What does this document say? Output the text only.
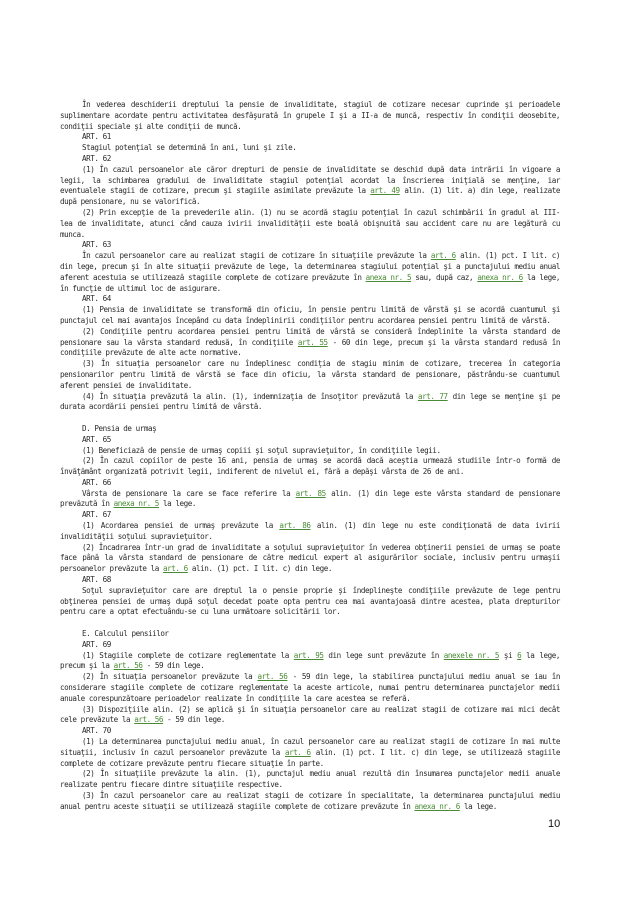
În vederea deschiderii dreptului la pensie de invaliditate, stagiul de cotizare necesar cuprinde şi perioadele suplimentare acordate pentru activitatea desfăşurată în grupele I şi a II-a de muncă, respectiv în condiţii deosebite, condiţii speciale şi alte condiţii de muncă.

ART. 61

Stagiul potenţial se determină în ani, luni şi zile.

ART. 62

(1) În cazul persoanelor ale căror drepturi de pensie de invaliditate se deschid după data intrării în vigoare a legii, la schimbarea gradului de invaliditate stagiul potenţial acordat la înscrierea iniţială se menţine, iar eventualele stagii de cotizare, precum şi stagiile asimilate prevăzute la art. 49 alin. (1) lit. a) din lege, realizate după pensionare, nu se valorifică.

(2) Prin excepţie de la prevederile alin. (1) nu se acordă stagiu potenţial în cazul schimbării în gradul al III-lea de invaliditate, atunci când cauza ivirii invalidităţii este boală obişnuită sau accident care nu are legătură cu munca.

ART. 63

În cazul persoanelor care au realizat stagii de cotizare în situaţiile prevăzute la art. 6 alin. (1) pct. I lit. c) din lege, precum şi în alte situaţii prevăzute de lege, la determinarea stagiului potenţial şi a punctajului mediu anual aferent acestuia se utilizează stagiile complete de cotizare prevăzute în anexa nr. 5 sau, după caz, anexa nr. 6 la lege, în funcţie de ultimul loc de asigurare.

ART. 64

(1) Pensia de invaliditate se transformă din oficiu, în pensie pentru limită de vârstă şi se acordă cuantumul şi punctajul cel mai avantajos începând cu data îndeplinirii condiţiilor pentru acordarea pensiei pentru limită de vârstă.

(2) Condiţiile pentru acordarea pensiei pentru limită de vârstă se consideră îndeplinite la vârsta standard de pensionare sau la vârsta standard redusă, în condiţiile art. 55 - 60 din lege, precum şi la vârsta standard redusă în condiţiile prevăzute de alte acte normative.

(3) În situaţia persoanelor care nu îndeplinesc condiţia de stagiu minim de cotizare, trecerea în categoria pensionarilor pentru limită de vârstă se face din oficiu, la vârsta standard de pensionare, păstrându-se cuantumul aferent pensiei de invaliditate.

(4) În situaţia prevăzută la alin. (1), indemnizaţia de însoţitor prevăzută la art. 77 din lege se menţine şi pe durata acordării pensiei pentru limită de vârstă.

D. Pensia de urmaş

ART. 65

(1) Beneficiază de pensie de urmaş copiii şi soţul supravieţuitor, în condiţiile legii.

(2) În cazul copiilor de peste 16 ani, pensia de urmaş se acordă dacă aceştia urmează studiile într-o formă de învăţământ organizată potrivit legii, indiferent de nivelul ei, fără a depăşi vârsta de 26 de ani.

ART. 66

Vârsta de pensionare la care se face referire la art. 85 alin. (1) din lege este vârsta standard de pensionare prevăzută în anexa nr. 5 la lege.

ART. 67

(1) Acordarea pensiei de urmaş prevăzute la art. 86 alin. (1) din lege nu este condiţionată de data ivirii invalidităţii soţului supravieţuitor.

(2) Încadrarea într-un grad de invaliditate a soţului supravieţuitor în vederea obţinerii pensiei de urmaş se poate face până la vârsta standard de pensionare de către medicul expert al asigurărilor sociale, inclusiv pentru urmaşii persoanelor prevăzute la art. 6 alin. (1) pct. I lit. c) din lege.

ART. 68

Soţul supravieţuitor care are dreptul la o pensie proprie şi îndeplineşte condiţiile prevăzute de lege pentru obţinerea pensiei de urmaş după soţul decedat poate opta pentru cea mai avantajoasă dintre acestea, plata drepturilor pentru care a optat efectuându-se cu luna următoare solicitării lor.

E. Calculul pensiilor

ART. 69

(1) Stagiile complete de cotizare reglementate la art. 95 din lege sunt prevăzute în anexele nr. 5 şi 6 la lege, precum şi la art. 56 - 59 din lege.

(2) În situaţia persoanelor prevăzute la art. 56 - 59 din lege, la stabilirea punctajului mediu anual se iau în considerare stagiile complete de cotizare reglementate la aceste articole, numai pentru determinarea punctajelor medii anuale corespunzătoare perioadelor realizate în condiţiile la care acestea se referă.

(3) Dispoziţiile alin. (2) se aplică şi în situaţia persoanelor care au realizat stagii de cotizare mai mici decât cele prevăzute la art. 56 - 59 din lege.

ART. 70

(1) La determinarea punctajului mediu anual, în cazul persoanelor care au realizat stagii de cotizare în mai multe situaţii, inclusiv în cazul persoanelor prevăzute la art. 6 alin. (1) pct. I lit. c) din lege, se utilizează stagiile complete de cotizare prevăzute pentru fiecare situaţie în parte.

(2) În situaţiile prevăzute la alin. (1), punctajul mediu anual rezultă din însumarea punctajelor medii anuale realizate pentru fiecare dintre situaţiile respective.

(3) În cazul persoanelor care au realizat stagii de cotizare în specialitate, la determinarea punctajului mediu anual pentru aceste situaţii se utilizează stagiile complete de cotizare prevăzute în anexa nr. 6 la lege.

10
